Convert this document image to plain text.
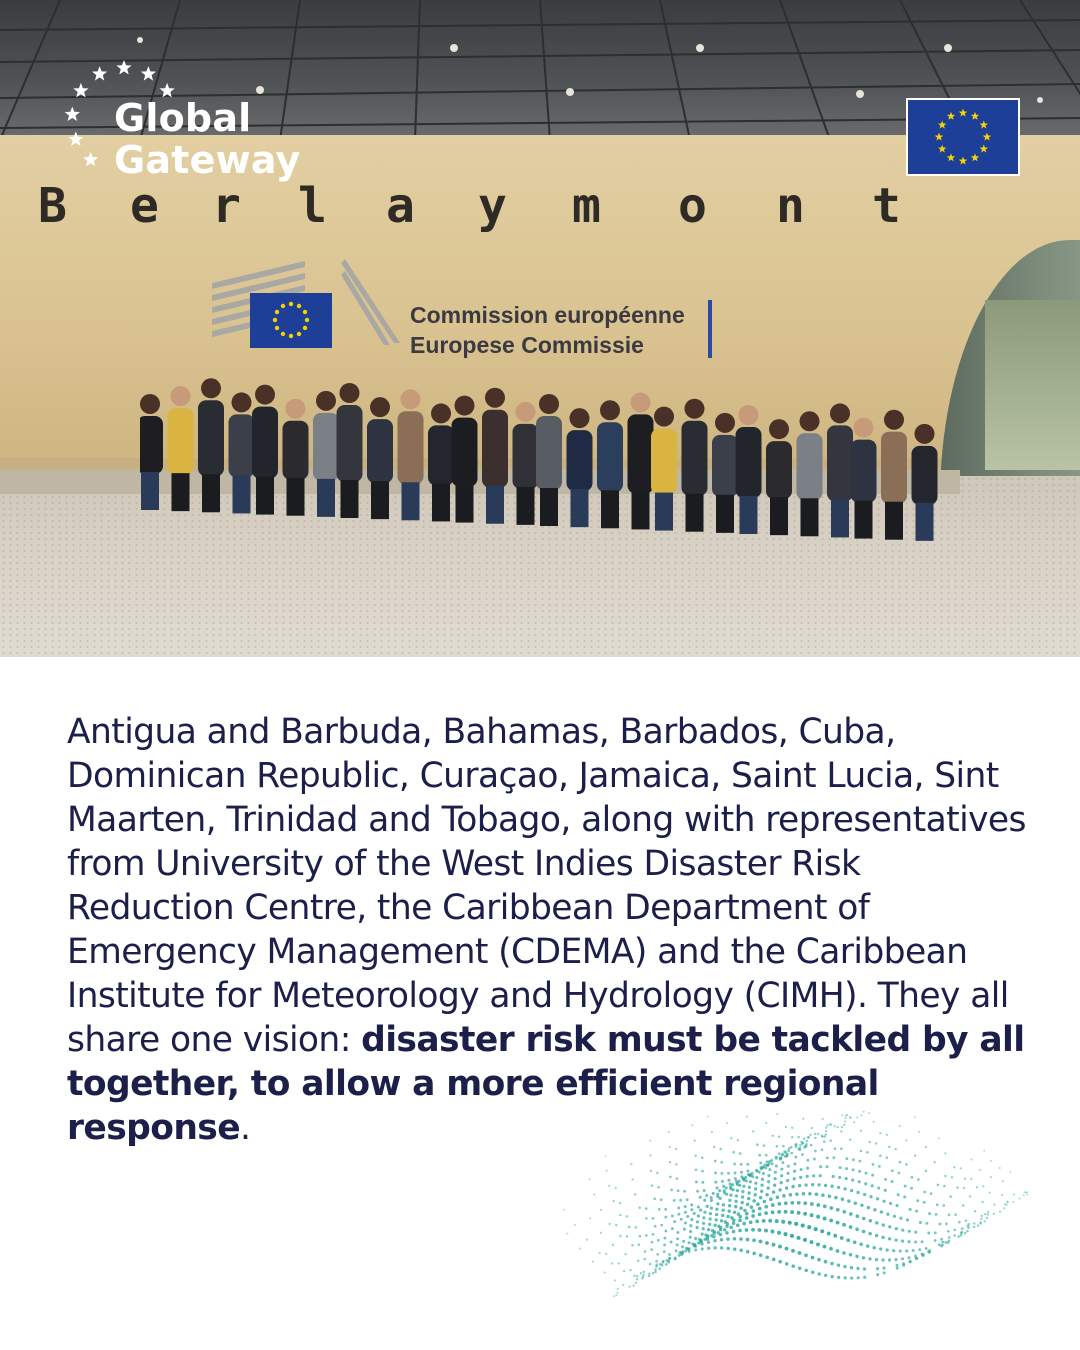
B e r l a y m o n t
Commission européenne
Europese Commissie
Global
Gateway

Antigua and Barbuda, Bahamas, Barbados, Cuba, Dominican Republic, Curaçao, Jamaica, Saint Lucia, Sint Maarten, Trinidad and Tobago, along with representatives from University of the West Indies Disaster Risk Reduction Centre, the Caribbean Department of Emergency Management (CDEMA) and the Caribbean Institute for Meteorology and Hydrology (CIMH). They all share one vision: disaster risk must be tackled by all together, to allow a more efficient regional response.
